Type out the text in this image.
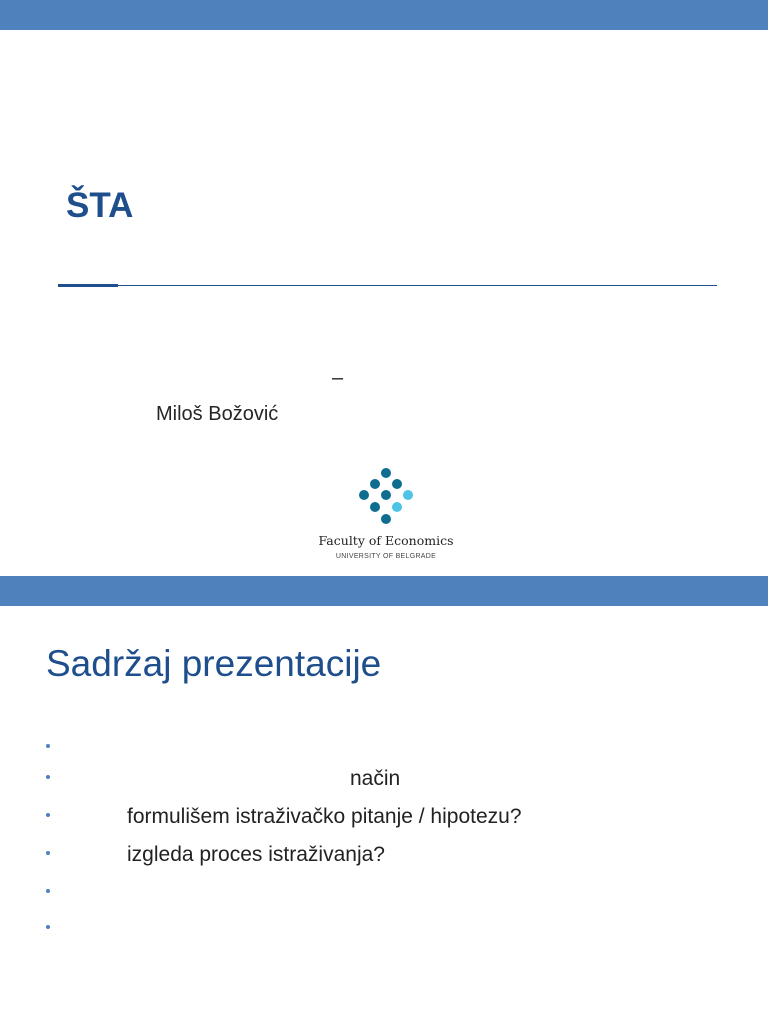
ŠTA
–
Miloš Božović
Faculty of Economics
UNIVERSITY OF BELGRADE
Sadržaj prezentacije
način
formulišem istraživačko pitanje / hipotezu?
izgleda proces istraživanja?
